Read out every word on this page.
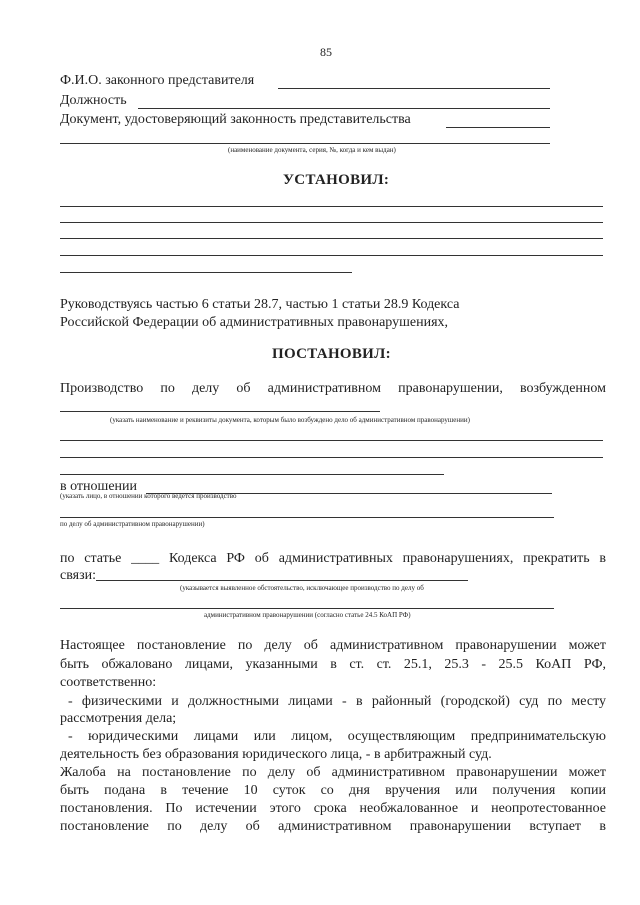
85
Ф.И.О. законного представителя
Должность
Документ, удостоверяющий законность представительства
(наименование документа, серия, №, когда и кем выдан)
УСТАНОВИЛ:
Руководствуясь частью 6 статьи 28.7, частью 1 статьи 28.9 Кодекса
Российской Федерации об административных правонарушениях,
ПОСТАНОВИЛ:
Производство по делу об административном правонарушении, возбужденном
(указать наименование и реквизиты документа, которым было возбуждено дело об административном правонарушении)
в отношении
(указать лицо, в отношении которого ведется производство
по делу об административном правонарушении)
по статье ____ Кодекса РФ об административных правонарушениях, прекратить в
связи:
(указывается выявленное обстоятельство, исключающее производство по делу об
административном правонарушении (согласно статье 24.5 КоАП РФ)
Настоящее постановление по делу об административном правонарушении может
быть обжаловано лицами, указанными в ст. ст. 25.1, 25.3 - 25.5 КоАП РФ,
соответственно:
- физическими и должностными лицами - в районный (городской) суд по месту
рассмотрения дела;
- юридическими лицами или лицом, осуществляющим предпринимательскую
деятельность без образования юридического лица, - в арбитражный суд.
Жалоба на постановление по делу об административном правонарушении может
быть подана в течение 10 суток со дня вручения или получения копии
постановления. По истечении этого срока необжалованное и неопротестованное
постановление по делу об административном правонарушении вступает в
